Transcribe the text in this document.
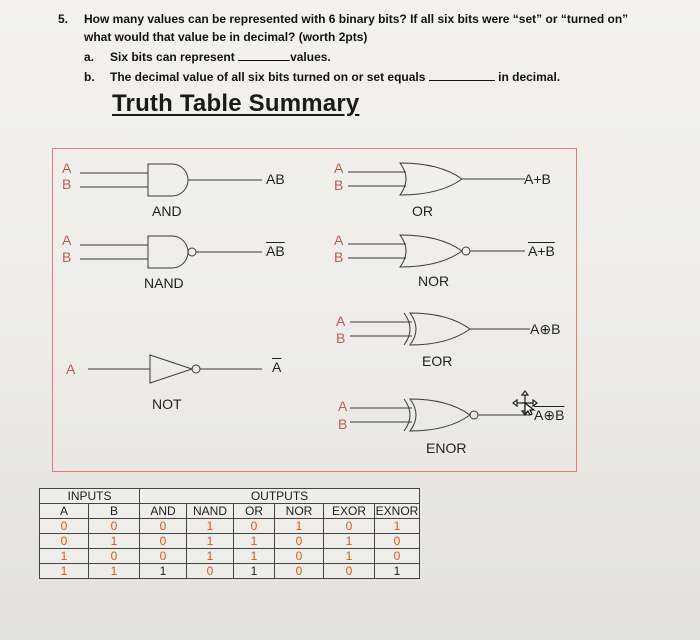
5. How many values can be represented with 6 binary bits? If all six bits were “set” or “turned on”
what would that value be in decimal? (worth 2pts)
a. Six bits can represent	values.
b. The decimal value of all six bits turned on or set equals	in decimal.
Truth Table Summary
A
B
AND
AB
A
B
OR
A+B
A
B
NAND
$\overline{AB}$
A
B
NOR
A+B
A
B
EOR
A⊕B
A
NOT
$\overline{A}$
A
B
ENOR
A⊕B
INPUTS		OUTPUTS					
A	B	AND	NAND	OR	NOR	EXOR	EXNOR
0	0	0	1	0	1	0	1
0	1	0	1	1	0	1	0
1	0	0	1	1	0	1	0
1	1	1	0	1	0	0	1
